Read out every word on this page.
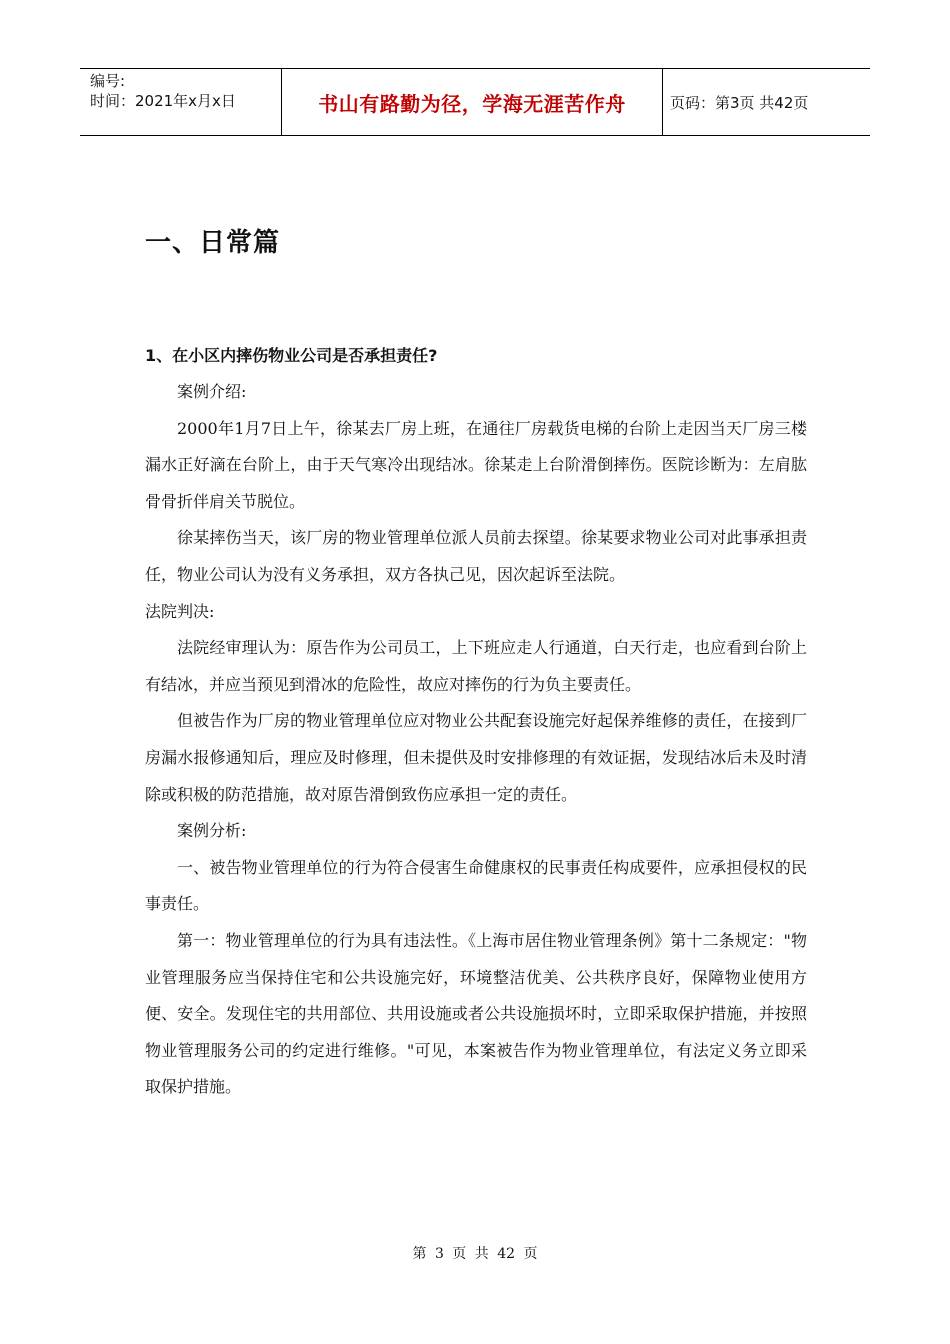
编号:
时间：2021年x月x日	书山有路勤为径，学海无涯苦作舟	页码：第3页 共42页
一、日常篇
1、在小区内摔伤物业公司是否承担责任?

案例介绍:

2000年1月7日上午，徐某去厂房上班，在通往厂房载货电梯的台阶上走因当天厂房三楼漏水正好滴在台阶上，由于天气寒冷出现结冰。徐某走上台阶滑倒摔伤。医院诊断为：左肩肱骨骨折伴肩关节脱位。

徐某摔伤当天，该厂房的物业管理单位派人员前去探望。徐某要求物业公司对此事承担责任，物业公司认为没有义务承担，双方各执己见，因次起诉至法院。

法院判决:

法院经审理认为：原告作为公司员工，上下班应走人行通道，白天行走，也应看到台阶上有结冰，并应当预见到滑冰的危险性，故应对摔伤的行为负主要责任。

但被告作为厂房的物业管理单位应对物业公共配套设施完好起保养维修的责任，在接到厂房漏水报修通知后，理应及时修理，但未提供及时安排修理的有效证据，发现结冰后未及时清除或积极的防范措施，故对原告滑倒致伤应承担一定的责任。

案例分析:

一、被告物业管理单位的行为符合侵害生命健康权的民事责任构成要件，应承担侵权的民事责任。

第一：物业管理单位的行为具有违法性。《上海市居住物业管理条例》第十二条规定："物业管理服务应当保持住宅和公共设施完好，环境整洁优美、公共秩序良好，保障物业使用方便、安全。发现住宅的共用部位、共用设施或者公共设施损坏时，立即采取保护措施，并按照物业管理服务公司的约定进行维修。"可见，本案被告作为物业管理单位，有法定义务立即采取保护措施。

第 3 页 共 42 页
